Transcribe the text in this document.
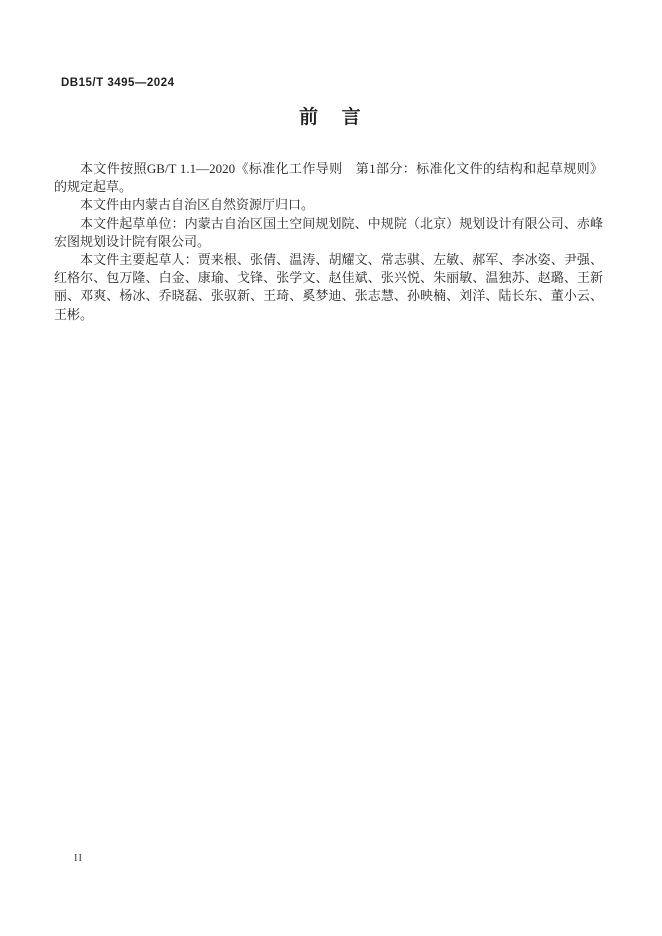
DB15/T 3495—2024
前　言

本文件按照GB/T 1.1—2020《标准化工作导则　第1部分：标准化文件的结构和起草规则》的规定起草。

本文件由内蒙古自治区自然资源厅归口。

本文件起草单位：内蒙古自治区国土空间规划院、中规院（北京）规划设计有限公司、赤峰宏图规划设计院有限公司。

本文件主要起草人：贾来根、张倩、温涛、胡耀文、常志骐、左敏、郝军、李冰姿、尹强、红格尔、包万隆、白金、康瑜、戈锋、张学文、赵佳斌、张兴悦、朱丽敏、温独苏、赵璐、王新丽、邓爽、杨冰、乔晓磊、张驭新、王琦、奚梦迪、张志慧、孙映楠、刘洋、陆长东、董小云、王彬。

II
